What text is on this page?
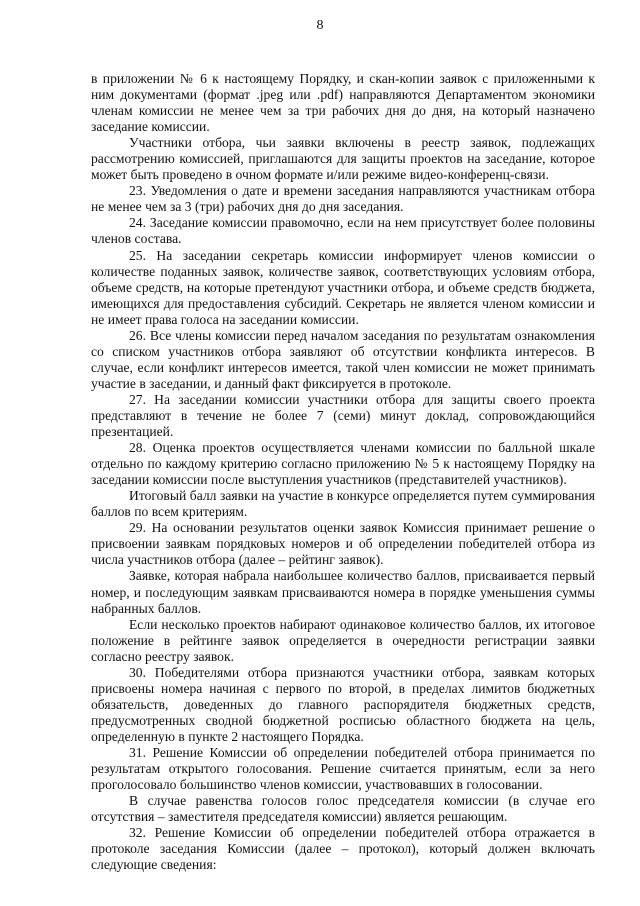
8

в приложении № 6 к настоящему Порядку, и скан-копии заявок с приложенными к ним документами (формат .jpeg или .pdf) направляются Департаментом экономики членам комиссии не менее чем за три рабочих дня до дня, на который назначено заседание комиссии.

Участники отбора, чьи заявки включены в реестр заявок, подлежащих рассмотрению комиссией, приглашаются для защиты проектов на заседание, которое может быть проведено в очном формате и/или режиме видео-конференц-связи.

23. Уведомления о дате и времени заседания направляются участникам отбора не менее чем за 3 (три) рабочих дня до дня заседания.

24. Заседание комиссии правомочно, если на нем присутствует более половины членов состава.

25. На заседании секретарь комиссии информирует членов комиссии о количестве поданных заявок, количестве заявок, соответствующих условиям отбора, объеме средств, на которые претендуют участники отбора, и объеме средств бюджета, имеющихся для предоставления субсидий. Секретарь не является членом комиссии и не имеет права голоса на заседании комиссии.

26. Все члены комиссии перед началом заседания по результатам ознакомления со списком участников отбора заявляют об отсутствии конфликта интересов. В случае, если конфликт интересов имеется, такой член комиссии не может принимать участие в заседании, и данный факт фиксируется в протоколе.

27. На заседании комиссии участники отбора для защиты своего проекта представляют в течение не более 7 (семи) минут доклад, сопровождающийся презентацией.

28. Оценка проектов осуществляется членами комиссии по балльной шкале отдельно по каждому критерию согласно приложению № 5 к настоящему Порядку на заседании комиссии после выступления участников (представителей участников).

Итоговый балл заявки на участие в конкурсе определяется путем суммирования баллов по всем критериям.

29. На основании результатов оценки заявок Комиссия принимает решение о присвоении заявкам порядковых номеров и об определении победителей отбора из числа участников отбора (далее – рейтинг заявок).

Заявке, которая набрала наибольшее количество баллов, присваивается первый номер, и последующим заявкам присваиваются номера в порядке уменьшения суммы набранных баллов.

Если несколько проектов набирают одинаковое количество баллов, их итоговое положение в рейтинге заявок определяется в очередности регистрации заявки согласно реестру заявок.

30. Победителями отбора признаются участники отбора, заявкам которых присвоены номера начиная с первого по второй, в пределах лимитов бюджетных обязательств, доведенных до главного распорядителя бюджетных средств, предусмотренных сводной бюджетной росписью областного бюджета на цель, определенную в пункте 2 настоящего Порядка.

31. Решение Комиссии об определении победителей отбора принимается по результатам открытого голосования. Решение считается принятым, если за него проголосовало большинство членов комиссии, участвовавших в голосовании.

В случае равенства голосов голос председателя комиссии (в случае его отсутствия – заместителя председателя комиссии) является решающим.

32. Решение Комиссии об определении победителей отбора отражается в протоколе заседания Комиссии (далее – протокол), который должен включать следующие сведения:
